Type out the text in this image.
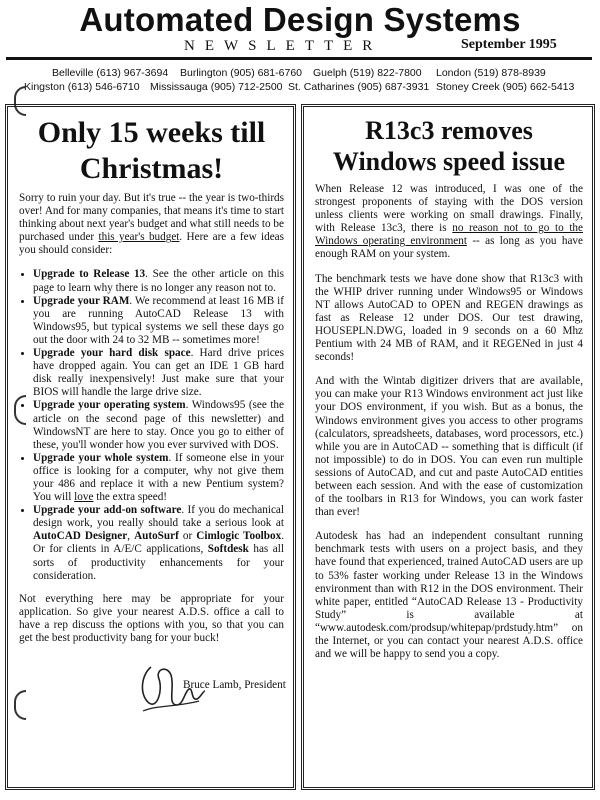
Automated Design Systems
NEWSLETTER	September 1995
Belleville (613) 967-3694 Burlington (905) 681-6760 Guelph (519) 822-7800 London (519) 878-8939
Kingston (613) 546-6710 Mississauga (905) 712-2500 St. Catharines (905) 687-3931 Stoney Creek (905) 662-5413
Only 15 weeks till Christmas!

Sorry to ruin your day. But it's true -- the year is two-thirds over! And for many companies, that means it's time to start thinking about next year's budget and what still needs to be purchased under this year's budget. Here are a few ideas you should consider:

• Upgrade to Release 13. See the other article on this page to learn why there is no longer any reason not to.
• Upgrade your RAM. We recommend at least 16 MB if you are running AutoCAD Release 13 with Windows95, but typical systems we sell these days go out the door with 24 to 32 MB -- sometimes more!
• Upgrade your hard disk space. Hard drive prices have dropped again. You can get an IDE 1 GB hard disk really inexpensively! Just make sure that your BIOS will handle the large drive size.
• Upgrade your operating system. Windows95 (see the article on the second page of this newsletter) and WindowsNT are here to stay. Once you go to either of these, you'll wonder how you ever survived with DOS.
• Upgrade your whole system. If someone else in your office is looking for a computer, why not give them your 486 and replace it with a new Pentium system? You will love the extra speed!
• Upgrade your add-on software. If you do mechanical design work, you really should take a serious look at AutoCAD Designer, AutoSurf or Cimlogic Toolbox. Or for clients in A/E/C applications, Softdesk has all sorts of productivity enhancements for your consideration.

Not everything here may be appropriate for your application. So give your nearest A.D.S. office a call to have a rep discuss the options with you, so that you can get the best productivity bang for your buck!

Bruce Lamb, President
R13c3 removes Windows speed issue

When Release 12 was introduced, I was one of the strongest proponents of staying with the DOS version unless clients were working on small drawings. Finally, with Release 13c3, there is no reason not to go to the Windows operating environment -- as long as you have enough RAM on your system.

The benchmark tests we have done show that R13c3 with the WHIP driver running under Windows95 or Windows NT allows AutoCAD to OPEN and REGEN drawings as fast as Release 12 under DOS. Our test drawing, HOUSEPLN.DWG, loaded in 9 seconds on a 60 Mhz Pentium with 24 MB of RAM, and it REGENed in just 4 seconds!

And with the Wintab digitizer drivers that are available, you can make your R13 Windows environment act just like your DOS environment, if you wish. But as a bonus, the Windows environment gives you access to other programs (calculators, spreadsheets, databases, word processors, etc.) while you are in AutoCAD -- something that is difficult (if not impossible) to do in DOS. You can even run multiple sessions of AutoCAD, and cut and paste AutoCAD entities between each session. And with the ease of customization of the toolbars in R13 for Windows, you can work faster than ever!

Autodesk has had an independent consultant running benchmark tests with users on a project basis, and they have found that experienced, trained AutoCAD users are up to 53% faster working under Release 13 in the Windows environment than with R12 in the DOS environment. Their white paper, entitled “AutoCAD Release 13 - Productivity Study” is available at “www.autodesk.com/prodsup/whitepap/prdstudy.htm” on the Internet, or you can contact your nearest A.D.S. office and we will be happy to send you a copy.
